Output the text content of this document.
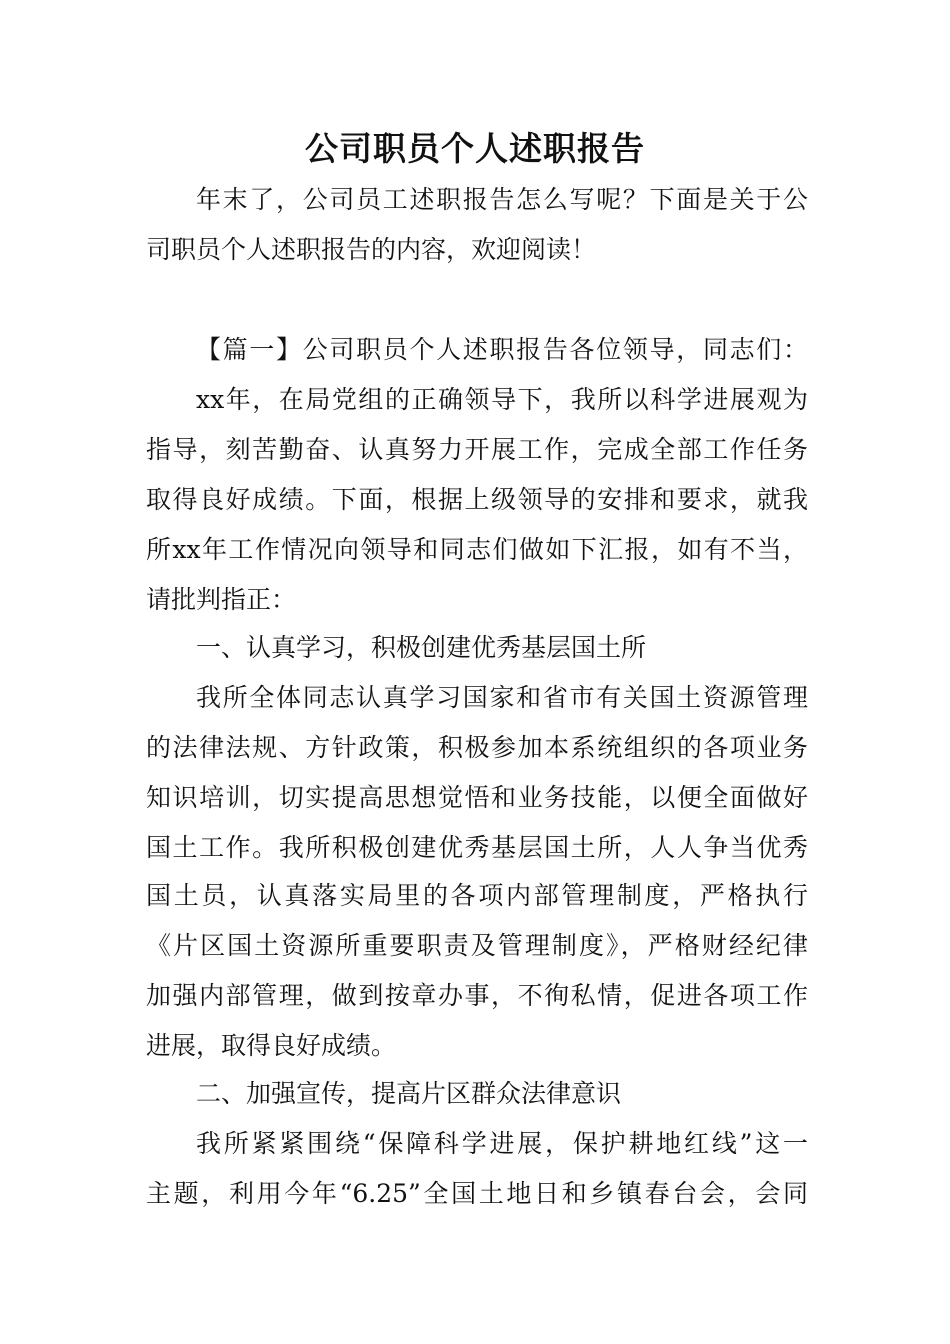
公司职员个人述职报告
年末了，公司员工述职报告怎么写呢？下面是关于公
司职员个人述职报告的内容，欢迎阅读！
【篇一】公司职员个人述职报告各位领导，同志们：
xx年，在局党组的正确领导下，我所以科学进展观为
指导，刻苦勤奋、认真努力开展工作，完成全部工作任务
取得良好成绩。下面，根据上级领导的安排和要求，就我
所xx年工作情况向领导和同志们做如下汇报，如有不当，
请批判指正：
一、认真学习，积极创建优秀基层国土所
我所全体同志认真学习国家和省市有关国土资源管理
的法律法规、方针政策，积极参加本系统组织的各项业务
知识培训，切实提高思想觉悟和业务技能，以便全面做好
国土工作。我所积极创建优秀基层国土所，人人争当优秀
国土员，认真落实局里的各项内部管理制度，严格执行
《片区国土资源所重要职责及管理制度》，严格财经纪律
加强内部管理，做到按章办事，不徇私情，促进各项工作
进展，取得良好成绩。
二、加强宣传，提高片区群众法律意识
我所紧紧围绕“保障科学进展，保护耕地红线”这一
主题，利用今年“6.25”全国土地日和乡镇春台会，会同
